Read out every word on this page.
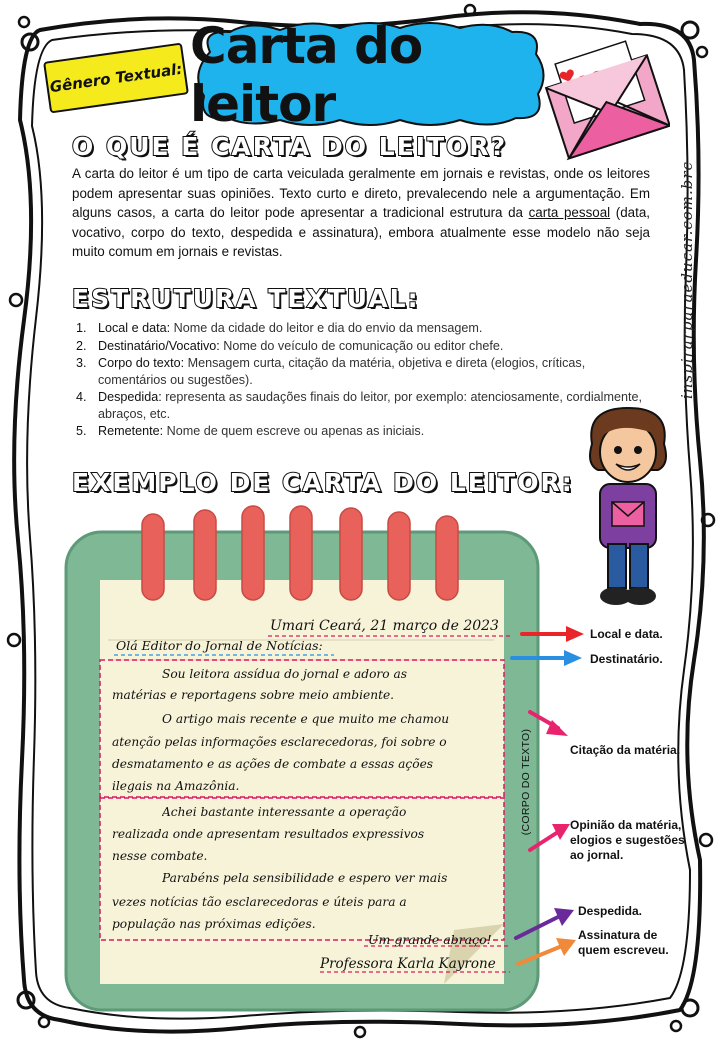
Carta do leitor
Gênero Textual:
O QUE É CARTA DO LEITOR?
A carta do leitor é um tipo de carta veiculada geralmente em jornais e revistas, onde os leitores podem apresentar suas opiniões. Texto curto e direto, prevalecendo nele a argumentação. Em alguns casos, a carta do leitor pode apresentar a tradicional estrutura da carta pessoal (data, vocativo, corpo do texto, despedida e assinatura), embora atualmente esse modelo não seja muito comum em jornais e revistas.	inspirarparaeducar.com.brc
ESTRUTURA TEXTUAL:
1. Local e data: Nome da cidade do leitor e dia do envio da mensagem.
2. Destinatário/Vocativo: Nome do veículo de comunicação ou editor chefe.
3. Corpo do texto: Mensagem curta, citação da matéria, objetiva e direta (elogios, críticas, comentários ou sugestões).
4. Despedida: representa as saudações finais do leitor, por exemplo: atenciosamente, cordialmente, abraços, etc.
5. Remetente: Nome de quem escreve ou apenas as iniciais.
EXEMPLO DE CARTA DO LEITOR:
Umari Ceará, 21 março de 2023
Olá Editor do Jornal de Notícias:
Sou leitora assídua do jornal e adoro as
matérias e reportagens sobre meio ambiente.
O artigo mais recente e que muito me chamou
atenção pelas informações esclarecedoras, foi sobre o
desmatamento e as ações de combate a essas ações
ilegais na Amazônia.
Achei bastante interessante a operação
realizada onde apresentam resultados expressivos
nesse combate.
Parabéns pela sensibilidade e espero ver mais
vezes notícias tão esclarecedoras e úteis para a
população nas próximas edições.
Um grande abraço!
Professora Karla Kayrone
(CORPO DO TEXTO)
Local e data.
Destinatário.
Citação da matéria.
Opinião da matéria, elogios e sugestões ao jornal.
Despedida.
Assinatura de quem escreveu.
